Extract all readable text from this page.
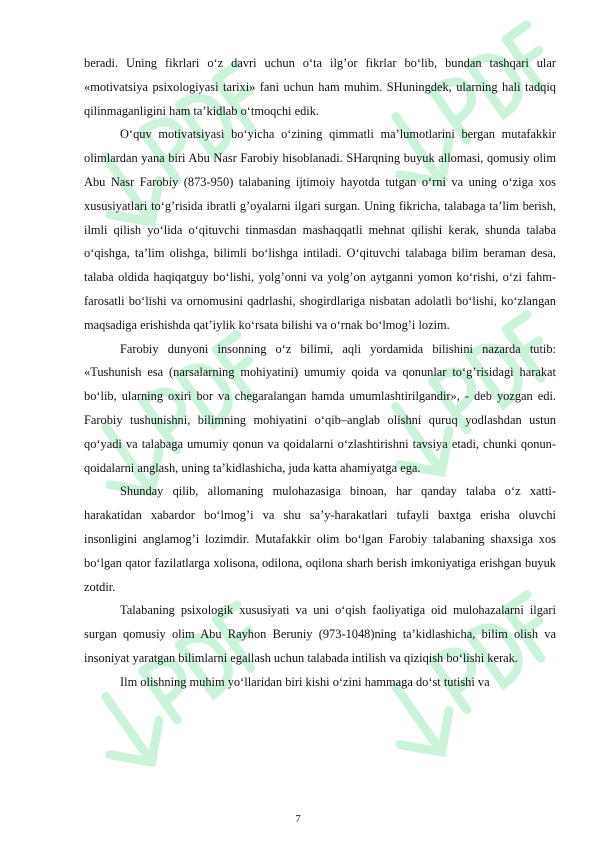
beradi. Uning fikrlari o‘z davri uchun o‘ta ilg’or fikrlar bo‘lib, bundan tashqari ular «motivatsiya psixologiyasi tarixi» fani uchun ham muhim. SHuningdek, ularning hali tadqiq qilinmaganligini ham ta’kidlab o‘tmoqchi edik.

O‘quv motivatsiyasi bo‘yicha o‘zining qimmatli ma’lumotlarini bergan mutafakkir olimlardan yana biri Abu Nasr Farobiy hisoblanadi. SHarqning buyuk allomasi, qomusiy olim Abu Nasr Farobiy (873-950) talabaning ijtimoiy hayotda tutgan o‘rni va uning o‘ziga xos xususiyatlari to‘g’risida ibratli g’oyalarni ilgari surgan. Uning fikricha, talabaga ta’lim berish, ilmli qilish yo‘lida o‘qituvchi tinmasdan mashaqqatli mehnat qilishi kerak, shunda talaba o‘qishga, ta’lim olishga, bilimli bo‘lishga intiladi. O‘qituvchi talabaga bilim beraman desa, talaba oldida haqiqatguy bo‘lishi, yolg’onni va yolg’on aytganni yomon ko‘rishi, o‘zi fahm-farosatli bo‘lishi va ornomusini qadrlashi, shogirdlariga nisbatan adolatli bo‘lishi, ko‘zlangan maqsadiga erishishda qat’iylik ko‘rsata bilishi va o‘rnak bo‘lmog’i lozim.

Farobiy dunyoni insonning o‘z bilimi, aqli yordamida bilishini nazarda tutib: «Tushunish esa (narsalarning mohiyatini) umumiy qoida va qonunlar to‘g’risidagi harakat bo‘lib, ularning oxiri bor va chegaralangan hamda umumlashtirilgandir», - deb yozgan edi. Farobiy tushunishni, bilimning mohiyatini o‘qib–anglab olishni quruq yodlashdan ustun qo‘yadi va talabaga umumiy qonun va qoidalarni o‘zlashtirishni tavsiya etadi, chunki qonun-qoidalarni anglash, uning ta’kidlashicha, juda katta ahamiyatga ega.

Shunday qilib, allomaning mulohazasiga binoan, har qanday talaba o‘z xatti-harakatidan xabardor bo‘lmog’i va shu sa’y-harakatlari tufayli baxtga erisha oluvchi insonligini anglamog’i lozimdir. Mutafakkir olim bo‘lgan Farobiy talabaning shaxsiga xos bo‘lgan qator fazilatlarga xolisona, odilona, oqilona sharh berish imkoniyatiga erishgan buyuk zotdir.

Talabaning psixologik xususiyati va uni o‘qish faoliyatiga oid mulohazalarni ilgari surgan qomusiy olim Abu Rayhon Beruniy (973-1048)ning ta’kidlashicha, bilim olish va insoniyat yaratgan bilimlarni egallash uchun talabada intilish va qiziqish bo‘lishi kerak.

Ilm olishning muhim yo‘llaridan biri kishi o‘zini hammaga do‘st tutishi va

7
